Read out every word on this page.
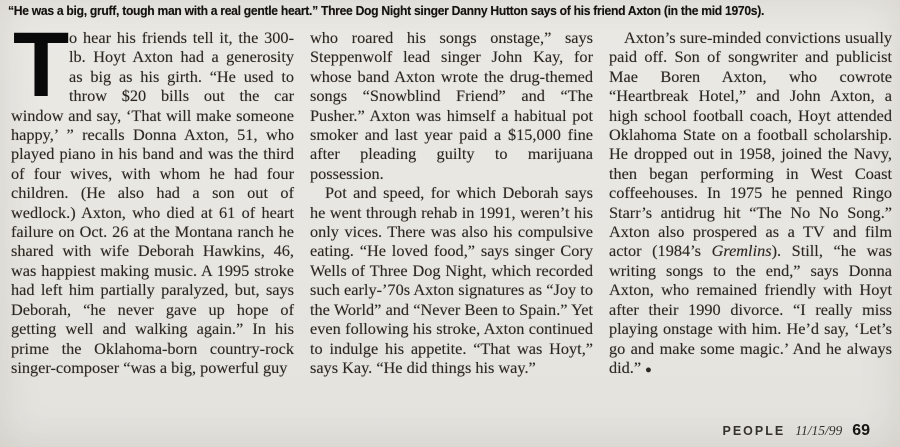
“He was a big, gruff, tough man with a real gentle heart.” Three Dog Night singer Danny Hutton says of his friend Axton (in the mid 1970s).

To hear his friends tell it, the 300-lb. Hoyt Axton had a generosity as big as his girth. “He used to throw $20 bills out the car window and say, ‘That will make someone happy,’ ” recalls Donna Axton, 51, who played piano in his band and was the third of four wives, with whom he had four children. (He also had a son out of wedlock.) Axton, who died at 61 of heart failure on Oct. 26 at the Montana ranch he shared with wife Deborah Hawkins, 46, was happiest making music. A 1995 stroke had left him partially paralyzed, but, says Deborah, “he never gave up hope of getting well and walking again.” In his prime the Oklahoma-born country-rock singer-composer “was a big, powerful guy

who roared his songs onstage,” says Steppenwolf lead singer John Kay, for whose band Axton wrote the drug-themed songs “Snowblind Friend” and “The Pusher.” Axton was himself a habitual pot smoker and last year paid a $15,000 fine after pleading guilty to marijuana possession.

Pot and speed, for which Deborah says he went through rehab in 1991, weren’t his only vices. There was also his compulsive eating. “He loved food,” says singer Cory Wells of Three Dog Night, which recorded such early-’70s Axton signatures as “Joy to the World” and “Never Been to Spain.” Yet even following his stroke, Axton continued to indulge his appetite. “That was Hoyt,” says Kay. “He did things his way.”

Axton’s sure-minded convictions usually paid off. Son of songwriter and publicist Mae Boren Axton, who cowrote “Heartbreak Hotel,” and John Axton, a high school football coach, Hoyt attended Oklahoma State on a football scholarship. He dropped out in 1958, joined the Navy, then began performing in West Coast coffeehouses. In 1975 he penned Ringo Starr’s antidrug hit “The No No Song.” Axton also prospered as a TV and film actor (1984’s Gremlins). Still, “he was writing songs to the end,” says Donna Axton, who remained friendly with Hoyt after their 1990 divorce. “I really miss playing onstage with him. He’d say, ‘Let’s go and make some magic.’ And he always did.” ●

PEOPLE 11/15/99 69
